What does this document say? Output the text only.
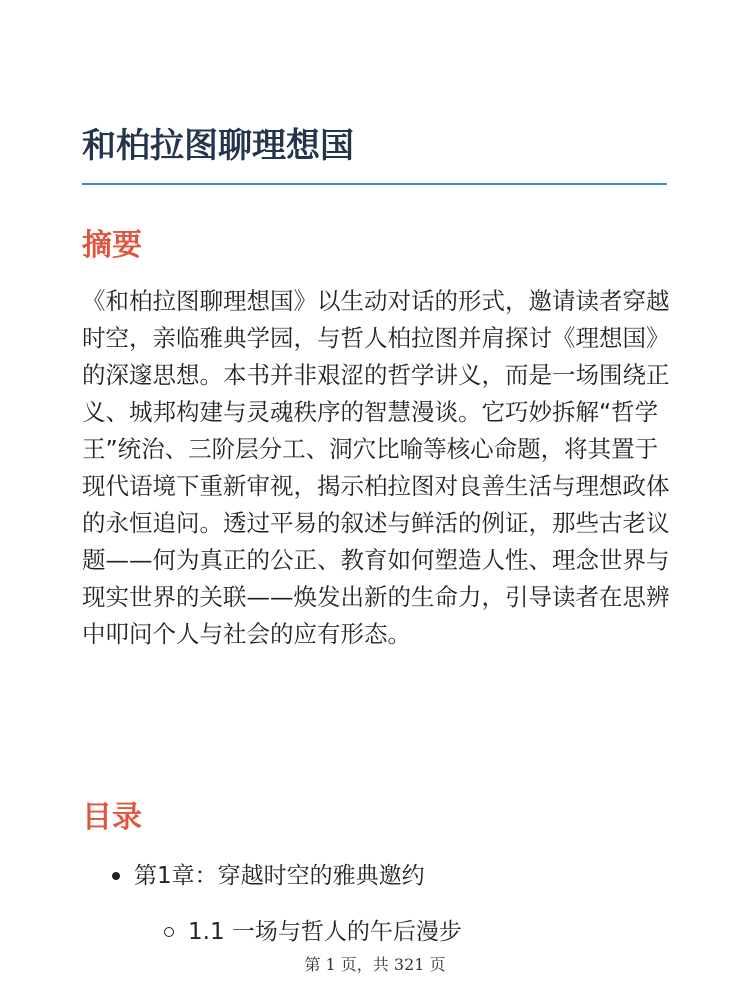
和柏拉图聊理想国
摘要

《和柏拉图聊理想国》以生动对话的形式，邀请读者穿越时空，亲临雅典学园，与哲人柏拉图并肩探讨《理想国》的深邃思想。本书并非艰涩的哲学讲义，而是一场围绕正义、城邦构建与灵魂秩序的智慧漫谈。它巧妙拆解“哲学王”统治、三阶层分工、洞穴比喻等核心命题，将其置于现代语境下重新审视，揭示柏拉图对良善生活与理想政体的永恒追问。透过平易的叙述与鲜活的例证，那些古老议题——何为真正的公正、教育如何塑造人性、理念世界与现实世界的关联——焕发出新的生命力，引导读者在思辨中叩问个人与社会的应有形态。

目录
第1章：穿越时空的雅典邀约
1.1 一场与哲人的午后漫步
第 1 页，共 321 页
